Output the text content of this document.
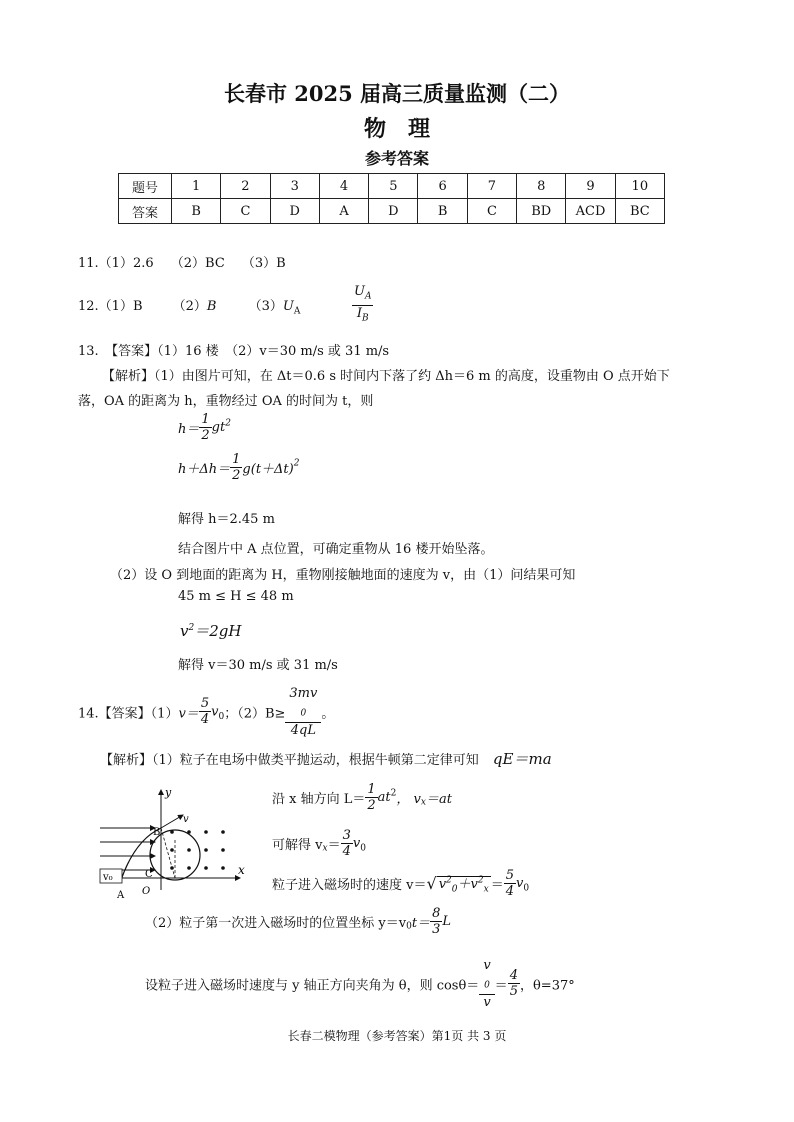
长春市 2025 届高三质量监测（二）
物　理
参考答案
题号	1	2	3	4	5	6	7	8	9	10
答案	B	C	D	A	D	B	C	BD	ACD	BC
11.（1）2.6　 （2）BC　 （3）B
12.（1）B　　 （2）B $(3)U_A$	$\frac{U_A}{I_B}$
13.　【答案】（1）16 楼　（2）v＝30 m/s 或 31 m/s
【解析】（1）由图片可知，在 Δt＝0.6 s 时间内下落了约 Δh＝6 m 的高度，设重物由 O 点开始下
落，OA 的距离为 h，重物经过 OA 的时间为 t，则
$h= \frac{1}{2} gt^2$
$h+\Delta h= \frac{1}{2} g(t+\Delta t)^2$
解得 h＝2.45 m
结合图片中 A 点位置，可确定重物从 16 楼开始坠落。
（2）设 O 到地面的距离为 H，重物刚接触地面的速度为 v，由（1）问结果可知
45 m ≤ H ≤ 48 m
$v^2=2gH$
解得 v＝30 m/s 或 31 m/s
14.【答案】$(1)v= \frac{5}{4} v_0$；（2）B≥ 3mv
$_0$
4qL 。
【解析】（1）粒子在电场中做类平抛运动，根据牛顿第二定律可知 qE＝ma
v₀
y
x
v
B
C
A O
沿 x 轴方向 $L= \frac{1}{2} at^2$， $v_x=at$
可解得 $v_x= \frac{3}{4} v_0$
粒子进入磁场时的速度 v＝√ $v^2_0+v^2_x = \frac{5}{4} v_0$
（2）粒子第一次进入磁场时的位置坐标 $y=v_0t= \frac{8}{3}$ L
设粒子进入磁场时速度与 y 轴正方向夹角为 θ，则 cosθ＝ v
$_0$
$v = \frac{4}{5}$ ，θ=37°
长春二模物理（参考答案）第1页 共 3 页
